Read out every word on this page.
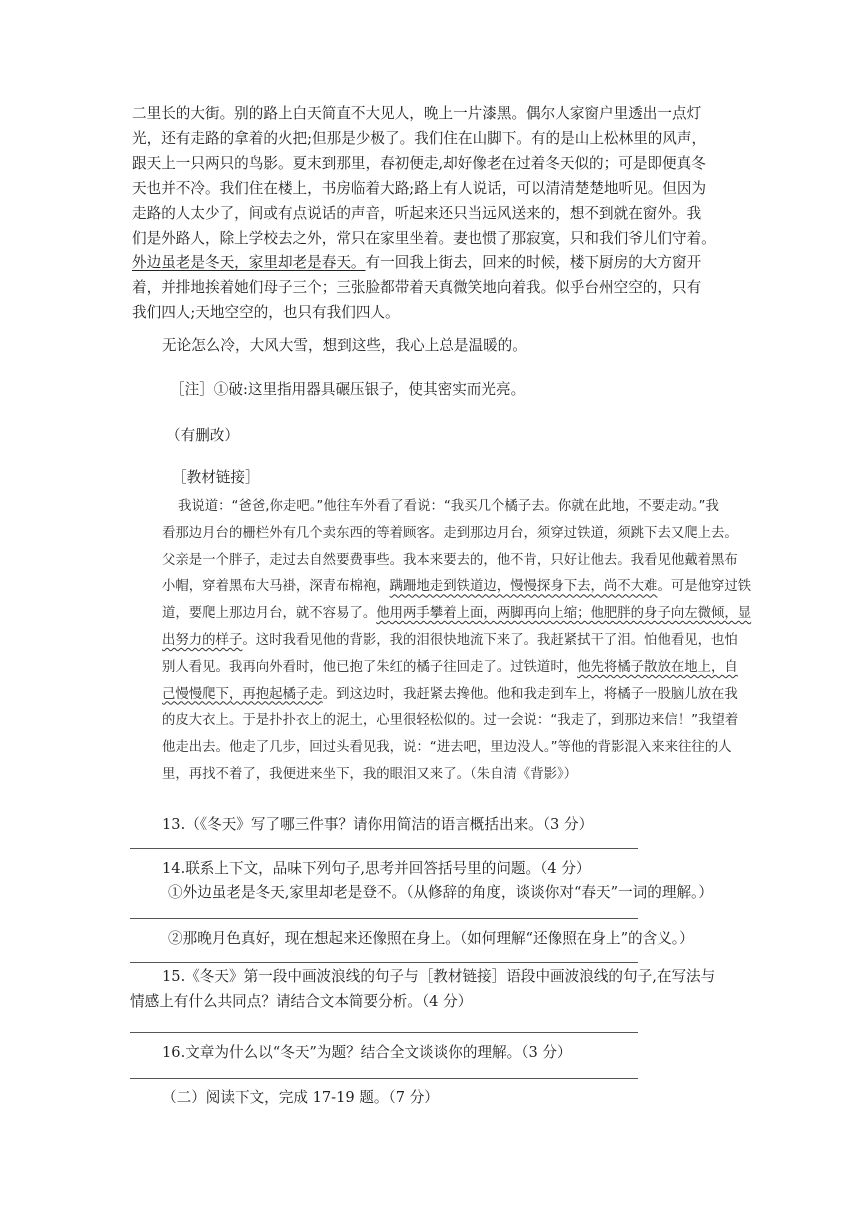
二里长的大街。别的路上白天简直不大见人，晚上一片漆黑。偶尔人家窗户里透出一点灯
光，还有走路的拿着的火把;但那是少极了。我们住在山脚下。有的是山上松林里的风声，
跟天上一只两只的鸟影。夏末到那里，春初便走,却好像老在过着冬天似的；可是即便真冬
天也并不冷。我们住在楼上，书房临着大路;路上有人说话，可以清清楚楚地听见。但因为
走路的人太少了，间或有点说话的声音，听起来还只当远风送来的，想不到就在窗外。我
们是外路人，除上学校去之外，常只在家里坐着。妻也惯了那寂寞，只和我们爷儿们守着。
外边虽老是冬天，家里却老是春天。有一回我上街去，回来的时候，楼下厨房的大方窗开
着，并排地挨着她们母子三个；三张脸都带着天真微笑地向着我。似乎台州空空的，只有
我们四人;天地空空的，也只有我们四人。
无论怎么冷，大风大雪，想到这些，我心上总是温暖的。
［注］①破:这里指用器具碾压银子，使其密实而光亮。
（有删改）
［教材链接］
我说道：“爸爸,你走吧。”他往车外看了看说：“我买几个橘子去。你就在此地，不要走动。”我
看那边月台的栅栏外有几个卖东西的等着顾客。走到那边月台，须穿过铁道，须跳下去又爬上去。
父亲是一个胖子，走过去自然要费事些。我本来要去的，他不肯，只好让他去。我看见他戴着黑布
小帽，穿着黑布大马褂，深青布棉袍，蹒跚地走到铁道边，慢慢探身下去，尚不大难。可是他穿过铁
道，要爬上那边月台，就不容易了。他用两手攀着上面，两脚再向上缩；他肥胖的身子向左微倾，显
出努力的样子。这时我看见他的背影，我的泪很快地流下来了。我赶紧拭干了泪。怕他看见，也怕
别人看见。我再向外看时，他已抱了朱红的橘子往回走了。过铁道时，他先将橘子散放在地上，自
己慢慢爬下，再抱起橘子走。到这边时，我赶紧去搀他。他和我走到车上，将橘子一股脑儿放在我
的皮大衣上。于是扑扑衣上的泥土，心里很轻松似的。过一会说：“我走了，到那边来信！”我望着
他走出去。他走了几步，回过头看见我，说：“进去吧，里边没人。”等他的背影混入来来往往的人
里，再找不着了，我便进来坐下，我的眼泪又来了。（朱自清《背影》）
13.（《冬天》写了哪三件事？请你用简洁的语言概括出来。（3 分）
14.联系上下文，品味下列句子,思考并回答括号里的问题。（4 分）
①外边虽老是冬天,家里却老是登不。（从修辞的角度，谈谈你对“春天”一词的理解。）
②那晚月色真好，现在想起来还像照在身上。（如何理解“还像照在身上”的含义。）
15.《冬天》第一段中画波浪线的句子与［教材链接］语段中画波浪线的句子,在写法与
情感上有什么共同点？请结合文本简要分析。（4 分）
16.文章为什么以“冬天”为题？结合全文谈谈你的理解。（3 分）
（二）阅读下文，完成 17-19 题。（7 分）
